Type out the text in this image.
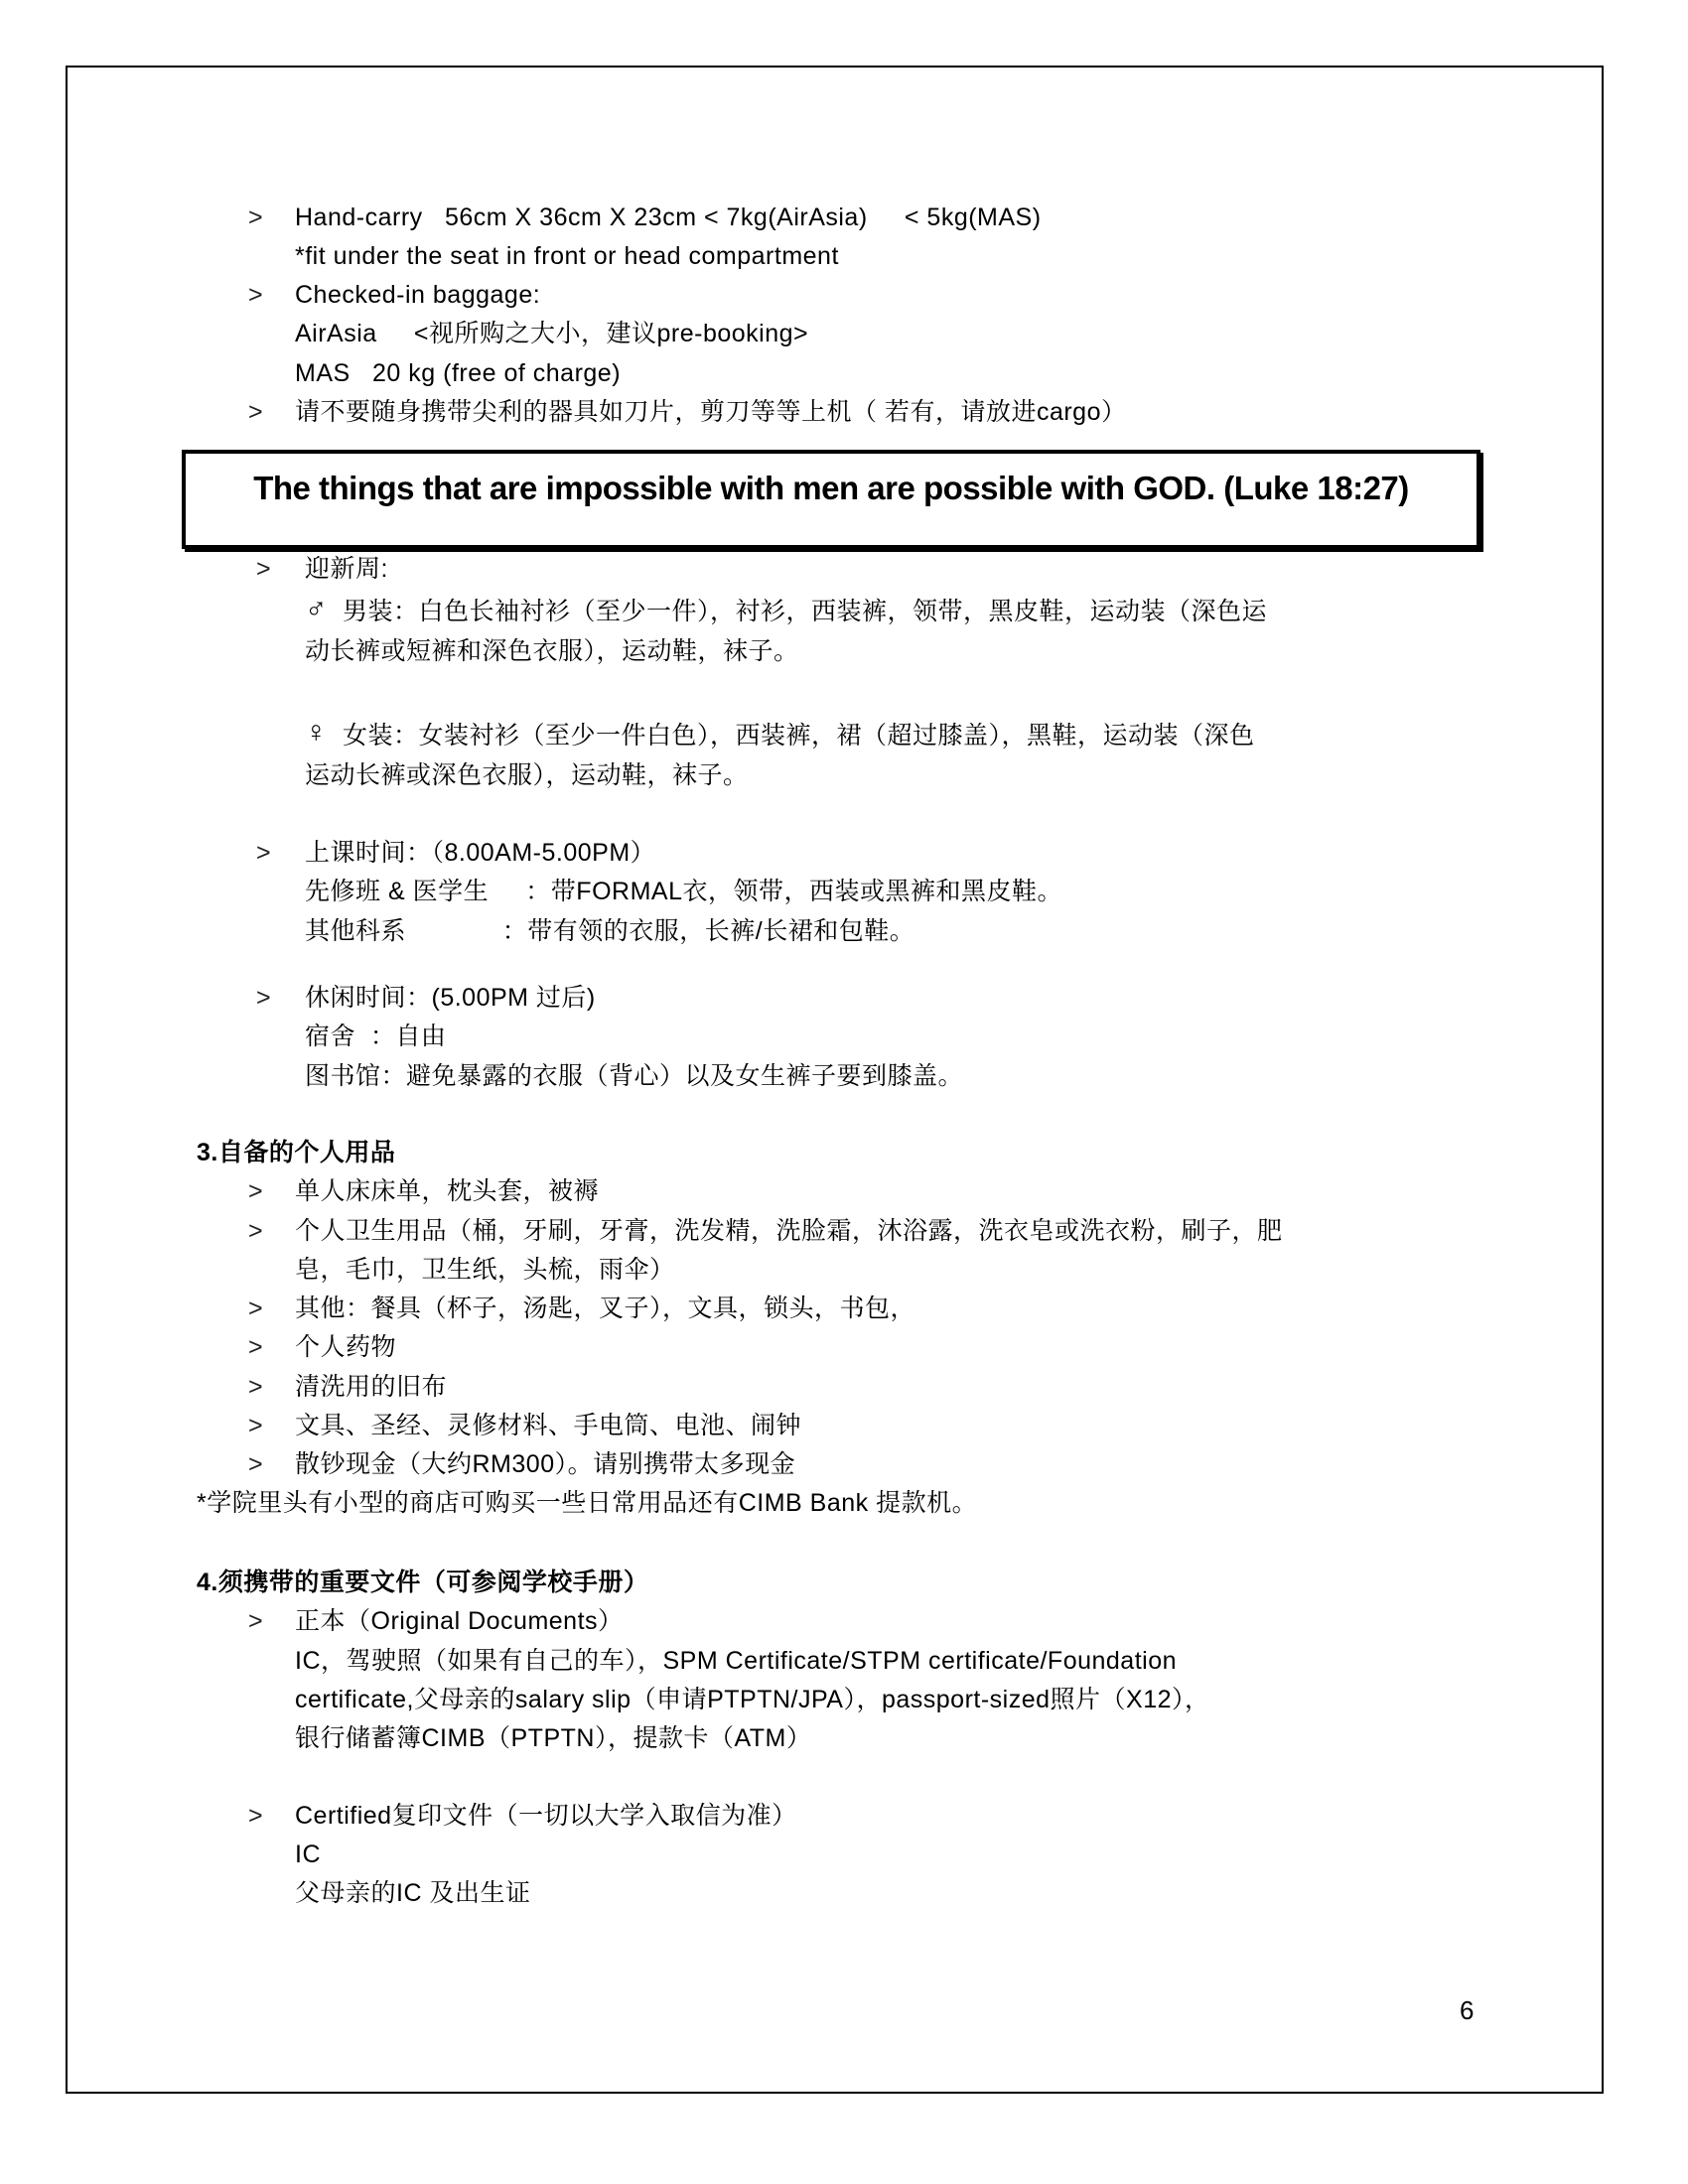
> Hand-carry   56cm X 36cm X 23cm < 7kg(AirAsia)     < 5kg(MAS)
*fit under the seat in front or head compartment
> Checked-in baggage:
AirAsia     <视所购之大小，建议pre-booking>
MAS   20 kg (free of charge)
> 请不要随身携带尖利的器具如刀片，剪刀等等上机（ 若有，请放进cargo）
The things that are impossible with men are possible with GOD. (Luke 18:27)
> 迎新周:
♂ 男装：白色长袖衬衫（至少一件），衬衫，西装裤，领带，黑皮鞋，运动装（深色运
动长裤或短裤和深色衣服），运动鞋，袜子。
♀ 女装：女装衬衫（至少一件白色），西装裤，裙（超过膝盖），黑鞋，运动装（深色
运动长裤或深色衣服），运动鞋，袜子。
> 上课时间：（8.00AM-5.00PM）
先修班 & 医学生     ：带FORMAL衣，领带，西装或黑裤和黑皮鞋。
其他科系             ：带有领的衣服，长裤/长裙和包鞋。
> 休闲时间：(5.00PM 过后)
宿舍  ：自由
图书馆：避免暴露的衣服（背心）以及女生裤子要到膝盖。
3.自备的个人用品
> 单人床床单，枕头套，被褥
> 个人卫生用品（桶，牙刷，牙膏，洗发精，洗脸霜，沐浴露，洗衣皂或洗衣粉，刷子，肥
皂，毛巾，卫生纸，头梳，雨伞）
> 其他：餐具（杯子，汤匙，叉子），文具，锁头，书包，
> 个人药物
> 清洗用的旧布
> 文具、圣经、灵修材料、手电筒、电池、闹钟
> 散钞现金（大约RM300）。请别携带太多现金
*学院里头有小型的商店可购买一些日常用品还有CIMB Bank 提款机。
4.须携带的重要文件（可参阅学校手册）
> 正本（Original Documents）
IC，驾驶照（如果有自己的车），SPM Certificate/STPM certificate/Foundation
certificate,父母亲的salary slip（申请PTPTN/JPA），passport-sized照片（X12），
银行储蓄簿CIMB（PTPTN），提款卡（ATM）
> Certified复印文件（一切以大学入取信为准）
IC
父母亲的IC 及出生证
6
